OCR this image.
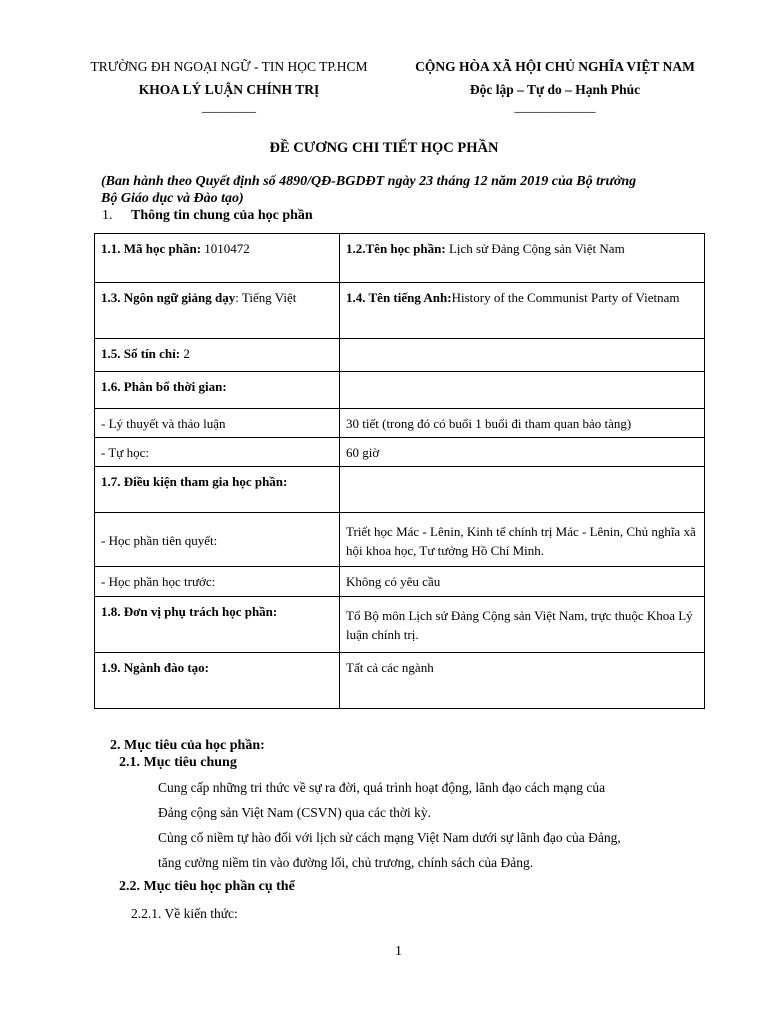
TRƯỜNG ĐH NGOẠI NGỮ - TIN HỌC TP.HCM
KHOA LÝ LUẬN CHÍNH TRỊ
________
CỘNG HÒA XÃ HỘI CHỦ NGHĨA VIỆT NAM
Độc lập – Tự do – Hạnh Phúc
____________
ĐỀ CƯƠNG CHI TIẾT HỌC PHẦN
(Ban hành theo Quyết định số 4890/QĐ-BGDĐT ngày 23 tháng 12 năm 2019 của Bộ trưởng
Bộ Giáo dục và Đào tạo)
1. Thông tin chung của học phần
1.1. Mã học phần: 1010472	1.2.Tên học phần: Lịch sử Đảng Cộng sản Việt Nam
1.3. Ngôn ngữ giảng dạy: Tiếng Việt	1.4. Tên tiếng Anh:History of the Communist Party of Vietnam
1.5. Số tín chỉ: 2	
1.6. Phân bổ thời gian:	
- Lý thuyết và thảo luận	30 tiết (trong đó có buổi 1 buổi đi tham quan bảo tàng)
- Tự học:	60 giờ
1.7. Điều kiện tham gia học phần:	
- Học phần tiên quyết:	Triết học Mác - Lênin, Kinh tế chính trị Mác - Lênin, Chủ nghĩa xã hội khoa học, Tư tưởng Hồ Chí Minh.
- Học phần học trước:	Không có yêu cầu
1.8. Đơn vị phụ trách học phần:	Tổ Bộ môn Lịch sử Đảng Cộng sản Việt Nam, trực thuộc Khoa Lý luận chính trị.
1.9. Ngành đào tạo:	Tất cả các ngành
2. Mục tiêu của học phần:
2.1. Mục tiêu chung
Cung cấp những tri thức về sự ra đời, quá trình hoạt động, lãnh đạo cách mạng của
Đảng cộng sản Việt Nam (CSVN) qua các thời kỳ.
Củng cố niềm tự hào đối với lịch sử cách mạng Việt Nam dưới sự lãnh đạo của Đảng,
tăng cường niềm tin vào đường lối, chủ trương, chính sách của Đảng.
2.2. Mục tiêu học phần cụ thể
2.2.1. Về kiến thức:
1
